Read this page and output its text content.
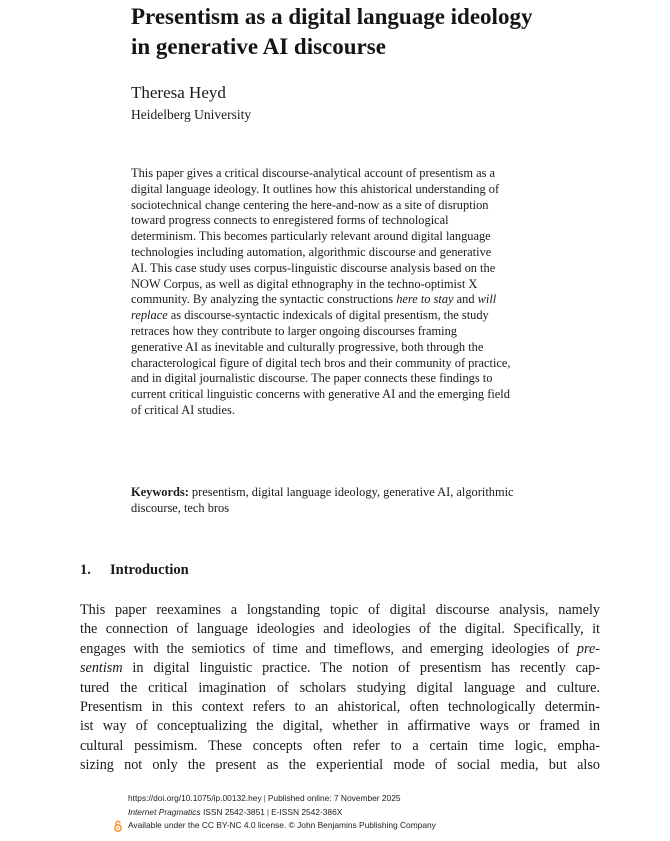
Presentism as a digital language ideology
in generative AI discourse
Theresa Heyd
Heidelberg University

This paper gives a critical discourse-analytical account of presentism as a
digital language ideology. It outlines how this ahistorical understanding of
sociotechnical change centering the here-and-now as a site of disruption
toward progress connects to enregistered forms of technological
determinism. This becomes particularly relevant around digital language
technologies including automation, algorithmic discourse and generative
AI. This case study uses corpus-linguistic discourse analysis based on the
NOW Corpus, as well as digital ethnography in the techno-optimist X
community. By analyzing the syntactic constructions here to stay and will
replace as discourse-syntactic indexicals of digital presentism, the study
retraces how they contribute to larger ongoing discourses framing
generative AI as inevitable and culturally progressive, both through the
characterological figure of digital tech bros and their community of practice,
and in digital journalistic discourse. The paper connects these findings to
current critical linguistic concerns with generative AI and the emerging field
of critical AI studies.

Keywords: presentism, digital language ideology, generative AI, algorithmic
discourse, tech bros

1. Introduction

This paper reexamines a longstanding topic of digital discourse analysis, namely
the connection of language ideologies and ideologies of the digital. Specifically, it
engages with the semiotics of time and timeflows, and emerging ideologies of pre-
sentism in digital linguistic practice. The notion of presentism has recently cap-
tured the critical imagination of scholars studying digital language and culture.
Presentism in this context refers to an ahistorical, often technologically determin-
ist way of conceptualizing the digital, whether in affirmative ways or framed in
cultural pessimism. These concepts often refer to a certain time logic, empha-
sizing not only the present as the experiential mode of social media, but also

https://doi.org/10.1075/ip.00132.hey | Published online: 7 November 2025
Internet Pragmatics ISSN 2542-3851 | E-ISSN 2542-386X
Available under the CC BY-NC 4.0 license. © John Benjamins Publishing Company
